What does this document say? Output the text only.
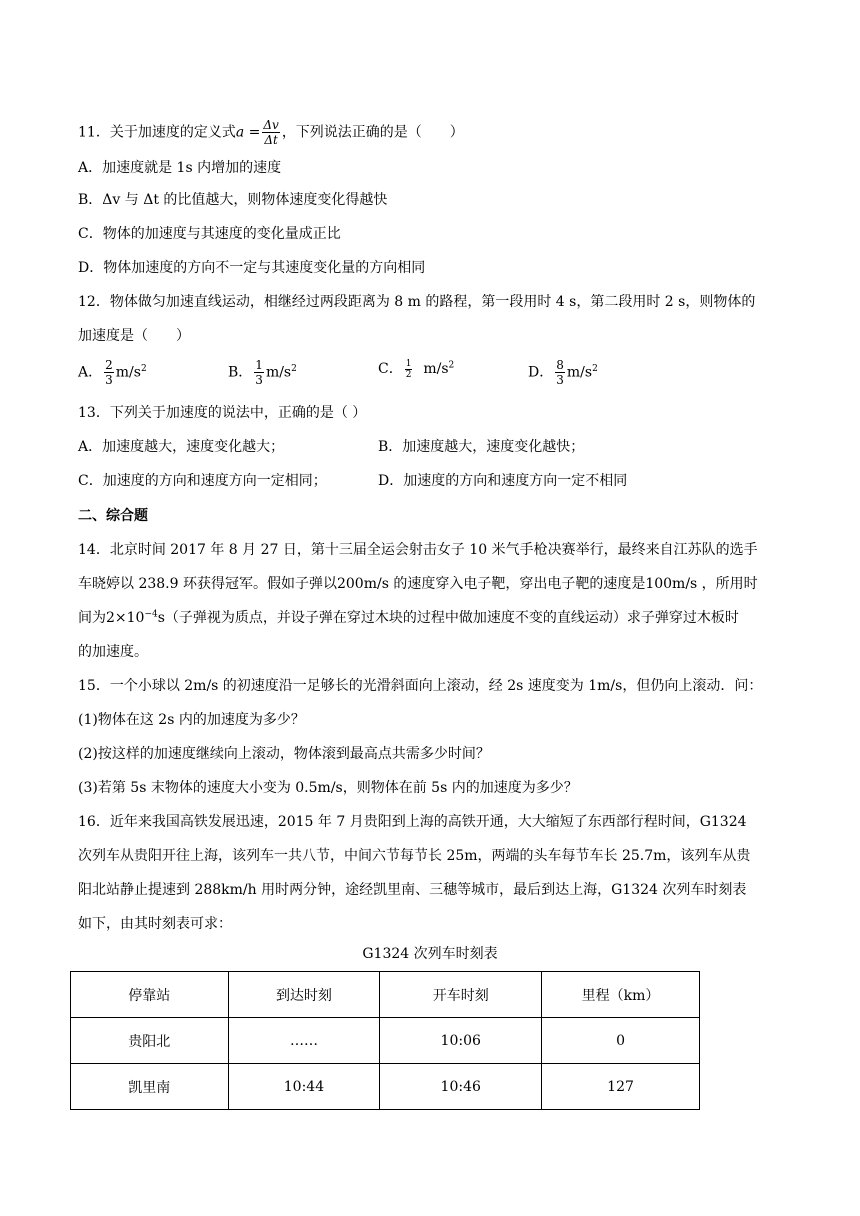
11．关于加速度的定义式$a = \frac{\Delta v}{\Delta t}$ ，下列说法正确的是（　　）
A．加速度就是 1s 内增加的速度
B．Δv 与 Δt 的比值越大，则物体速度变化得越快
C．物体的加速度与其速度的变化量成正比
D．物体加速度的方向不一定与其速度变化量的方向相同
12．物体做匀加速直线运动，相继经过两段距离为 8 m 的路程，第一段用时 4 s，第二段用时 2 s，则物体的
加速度是（　　）
A． $\frac{2}{3} m/s^2$	B． $\frac{1}{3} m/s^2$	C． $\frac{1}{2} m/s^2$	D． $\frac{8}{3} m/s^2$
13．下列关于加速度的说法中，正确的是（ ）
A．加速度越大，速度变化越大；	B．加速度越大，速度变化越快；
C．加速度的方向和速度方向一定相同；	D．加速度的方向和速度方向一定不相同
二、综合题
14．北京时间 2017 年 8 月 27 日，第十三届全运会射击女子 10 米气手枪决赛举行，最终来自江苏队的选手
车晓婷以 238.9 环获得冠军。假如子弹以200m/s 的速度穿入电子靶，穿出电子靶的速度是100m/s ，所用时
间为$2\times 10^{-4}s$（子弹视为质点，并设子弹在穿过木块的过程中做加速度不变的直线运动）求子弹穿过木板时
的加速度。
15．一个小球以 2m/s 的初速度沿一足够长的光滑斜面向上滚动，经 2s 速度变为 1m/s，但仍向上滚动．问：
(1)物体在这 2s 内的加速度为多少？
(2)按这样的加速度继续向上滚动，物体滚到最高点共需多少时间？
(3)若第 5s 末物体的速度大小变为 0.5m/s，则物体在前 5s 内的加速度为多少？
16．近年来我国高铁发展迅速，2015 年 7 月贵阳到上海的高铁开通，大大缩短了东西部行程时间，G1324
次列车从贵阳开往上海，该列车一共八节，中间六节每节长 25m，两端的头车每节车长 25.7m，该列车从贵
阳北站静止提速到 288km/h 用时两分钟，途经凯里南、三穗等城市，最后到达上海，G1324 次列车时刻表
如下，由其时刻表可求：
G1324 次列车时刻表
停靠站	到达时刻	开车时刻	里程（km）
贵阳北	……	10:06	0
凯里南	10:44	10:46	127
